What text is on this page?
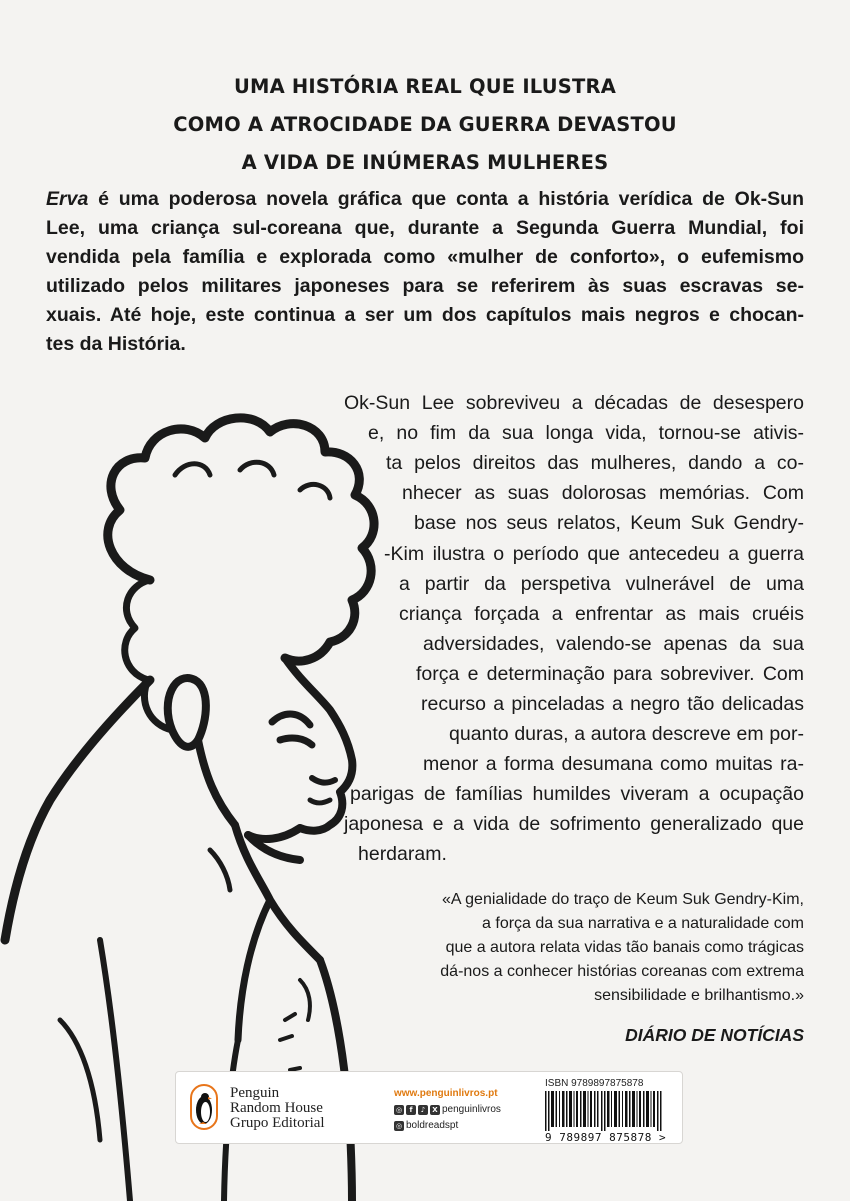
UMA HISTÓRIA REAL QUE ILUSTRA
COMO A ATROCIDADE DA GUERRA DEVASTOU
A VIDA DE INÚMERAS MULHERES
Erva é uma poderosa novela gráfica que conta a história verídica de Ok-Sun
Lee, uma criança sul-coreana que, durante a Segunda Guerra Mundial, foi
vendida pela família e explorada como «mulher de conforto», o eufemismo
utilizado pelos militares japoneses para se referirem às suas escravas se-
xuais. Até hoje, este continua a ser um dos capítulos mais negros e chocan-
tes da História.
Ok-Sun Lee sobreviveu a décadas de desespero
e, no fim da sua longa vida, tornou-se ativis-
ta pelos direitos das mulheres, dando a co-
nhecer as suas dolorosas memórias. Com
base nos seus relatos, Keum Suk Gendry-
-Kim ilustra o período que antecedeu a guerra
a partir da perspetiva vulnerável de uma
criança forçada a enfrentar as mais cruéis
adversidades, valendo-se apenas da sua
força e determinação para sobreviver. Com
recurso a pinceladas a negro tão delicadas
quanto duras, a autora descreve em por-
menor a forma desumana como muitas ra-
parigas de famílias humildes viveram a ocupação
japonesa e a vida de sofrimento generalizado que
herdaram.
«A genialidade do traço de Keum Suk Gendry-Kim,
a força da sua narrativa e a naturalidade com
que a autora relata vidas tão banais como trágicas
dá-nos a conhecer histórias coreanas com extrema
sensibilidade e brilhantismo.»
DIÁRIO DE NOTÍCIAS
Penguin
Random House
Grupo Editorial
www.penguinlivros.pt
◎	f	♪	X penguinlivros
◎ boldreadspt
ISBN 9789897875878
9 789897 875878 >
